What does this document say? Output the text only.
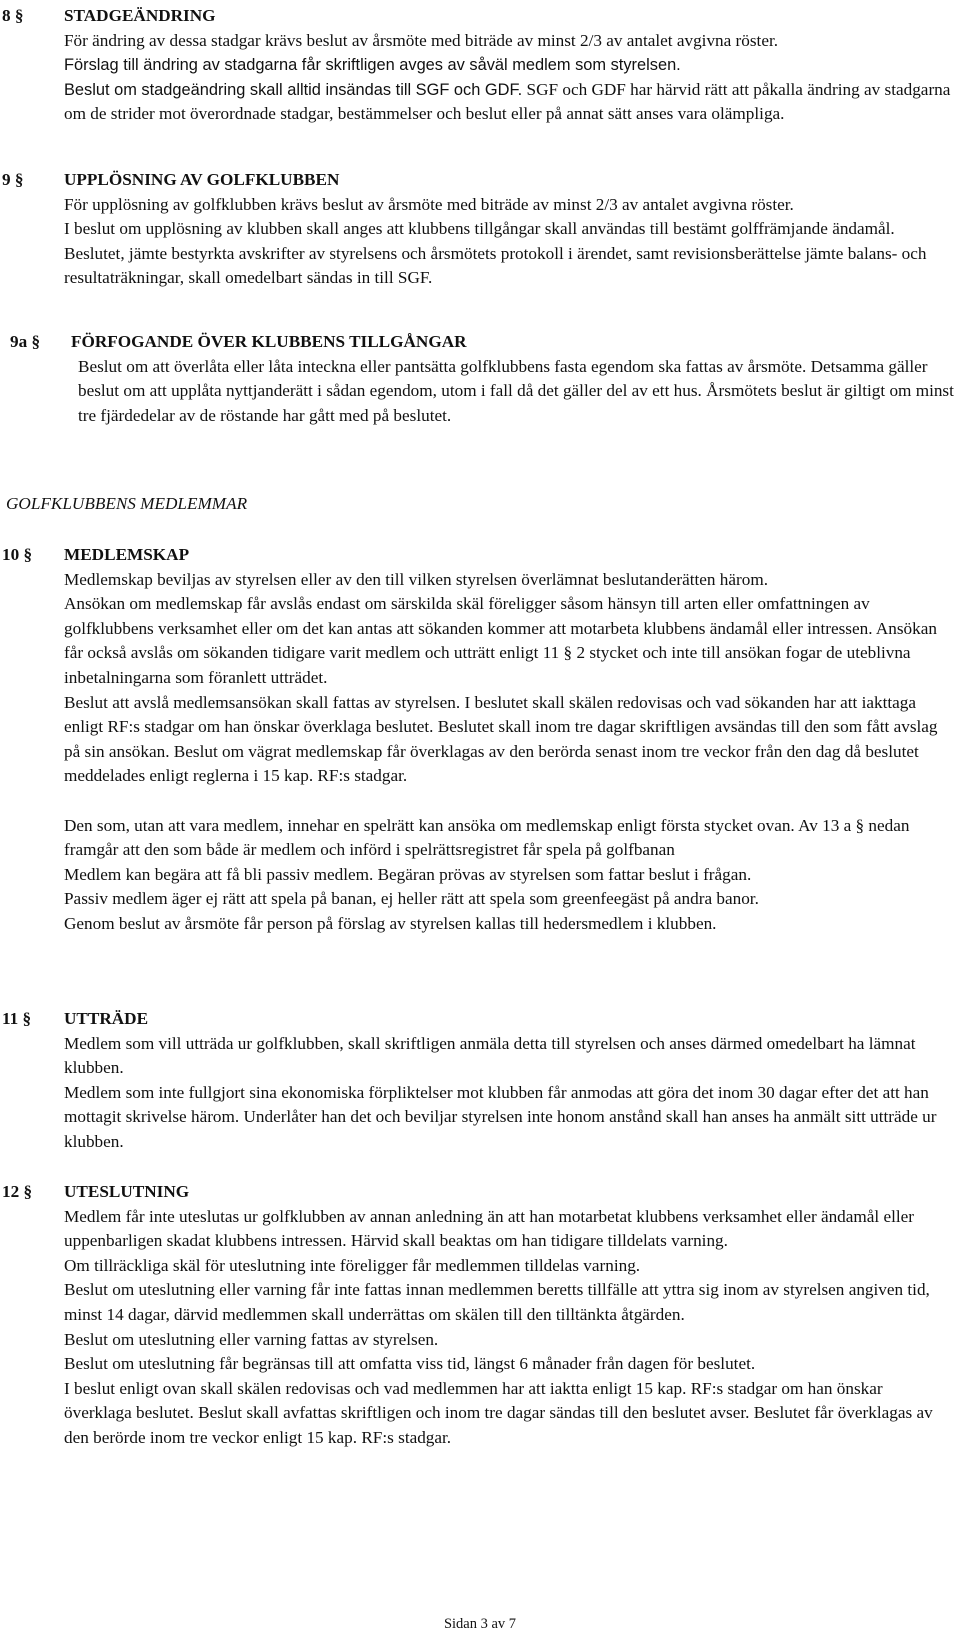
8 § STADGEÄNDRING

För ändring av dessa stadgar krävs beslut av årsmöte med biträde av minst 2/3 av antalet avgivna röster.

Förslag till ändring av stadgarna får skriftligen avges av såväl medlem som styrelsen.

Beslut om stadgeändring skall alltid insändas till SGF och GDF. SGF och GDF har härvid rätt att påkalla ändring av stadgarna om de strider mot överordnade stadgar, bestämmelser och beslut eller på annat sätt anses vara olämpliga.
9 § UPPLÖSNING AV GOLFKLUBBEN

För upplösning av golfklubben krävs beslut av årsmöte med biträde av minst 2/3 av antalet avgivna röster.

I beslut om upplösning av klubben skall anges att klubbens tillgångar skall användas till bestämt golffrämjande ändamål. Beslutet, jämte bestyrkta avskrifter av styrelsens och årsmötets protokoll i ärendet, samt revisionsberättelse jämte balans- och resultaträkningar, skall omedelbart sändas in till SGF.

9a § FÖRFOGANDE ÖVER KLUBBENS TILLGÅNGAR

Beslut om att överlåta eller låta inteckna eller pantsätta golfklubbens fasta egendom ska fattas av årsmöte. Detsamma gäller beslut om att upplåta nyttjanderätt i sådan egendom, utom i fall då det gäller del av ett hus. Årsmötets beslut är giltigt om minst tre fjärdedelar av de röstande har gått med på beslutet.

GOLFKLUBBENS MEDLEMMAR
10 § MEDLEMSKAP

Medlemskap beviljas av styrelsen eller av den till vilken styrelsen överlämnat beslutanderätten härom.

Ansökan om medlemskap får avslås endast om särskilda skäl föreligger såsom hänsyn till arten eller omfattningen av golfklubbens verksamhet eller om det kan antas att sökanden kommer att motarbeta klubbens ändamål eller intressen. Ansökan får också avslås om sökanden tidigare varit medlem och utträtt enligt 11 § 2 stycket och inte till ansökan fogar de uteblivna inbetalningarna som föranlett utträdet.

Beslut att avslå medlemsansökan skall fattas av styrelsen. I beslutet skall skälen redovisas och vad sökanden har att iakttaga enligt RF:s stadgar om han önskar överklaga beslutet. Beslutet skall inom tre dagar skriftligen avsändas till den som fått avslag på sin ansökan. Beslut om vägrat medlemskap får överklagas av den berörda senast inom tre veckor från den dag då beslutet meddelades enligt reglerna i 15 kap. RF:s stadgar.

Den som, utan att vara medlem, innehar en spelrätt kan ansöka om medlemskap enligt första stycket ovan. Av 13 a § nedan framgår att den som både är medlem och införd i spelrättsregistret får spela på golfbanan

Medlem kan begära att få bli passiv medlem. Begäran prövas av styrelsen som fattar beslut i frågan.

Passiv medlem äger ej rätt att spela på banan, ej heller rätt att spela som greenfeegäst på andra banor.

Genom beslut av årsmöte får person på förslag av styrelsen kallas till hedersmedlem i klubben.

11 § UTTRÄDE

Medlem som vill utträda ur golfklubben, skall skriftligen anmäla detta till styrelsen och anses därmed omedelbart ha lämnat klubben.

Medlem som inte fullgjort sina ekonomiska förpliktelser mot klubben får anmodas att göra det inom 30 dagar efter det att han mottagit skrivelse härom. Underlåter han det och beviljar styrelsen inte honom anstånd skall han anses ha anmält sitt utträde ur klubben.

12 § UTESLUTNING

Medlem får inte uteslutas ur golfklubben av annan anledning än att han motarbetat klubbens verksamhet eller ändamål eller uppenbarligen skadat klubbens intressen. Härvid skall beaktas om han tidigare tilldelats varning.

Om tillräckliga skäl för uteslutning inte föreligger får medlemmen tilldelas varning.

Beslut om uteslutning eller varning får inte fattas innan medlemmen beretts tillfälle att yttra sig inom av styrelsen angiven tid, minst 14 dagar, därvid medlemmen skall underrättas om skälen till den tilltänkta åtgärden.

Beslut om uteslutning eller varning fattas av styrelsen.

Beslut om uteslutning får begränsas till att omfatta viss tid, längst 6 månader från dagen för beslutet.

I beslut enligt ovan skall skälen redovisas och vad medlemmen har att iaktta enligt 15 kap. RF:s stadgar om han önskar överklaga beslutet. Beslut skall avfattas skriftligen och inom tre dagar sändas till den beslutet avser. Beslutet får överklagas av den berörde inom tre veckor enligt 15 kap. RF:s stadgar.

Sidan 3 av 7
